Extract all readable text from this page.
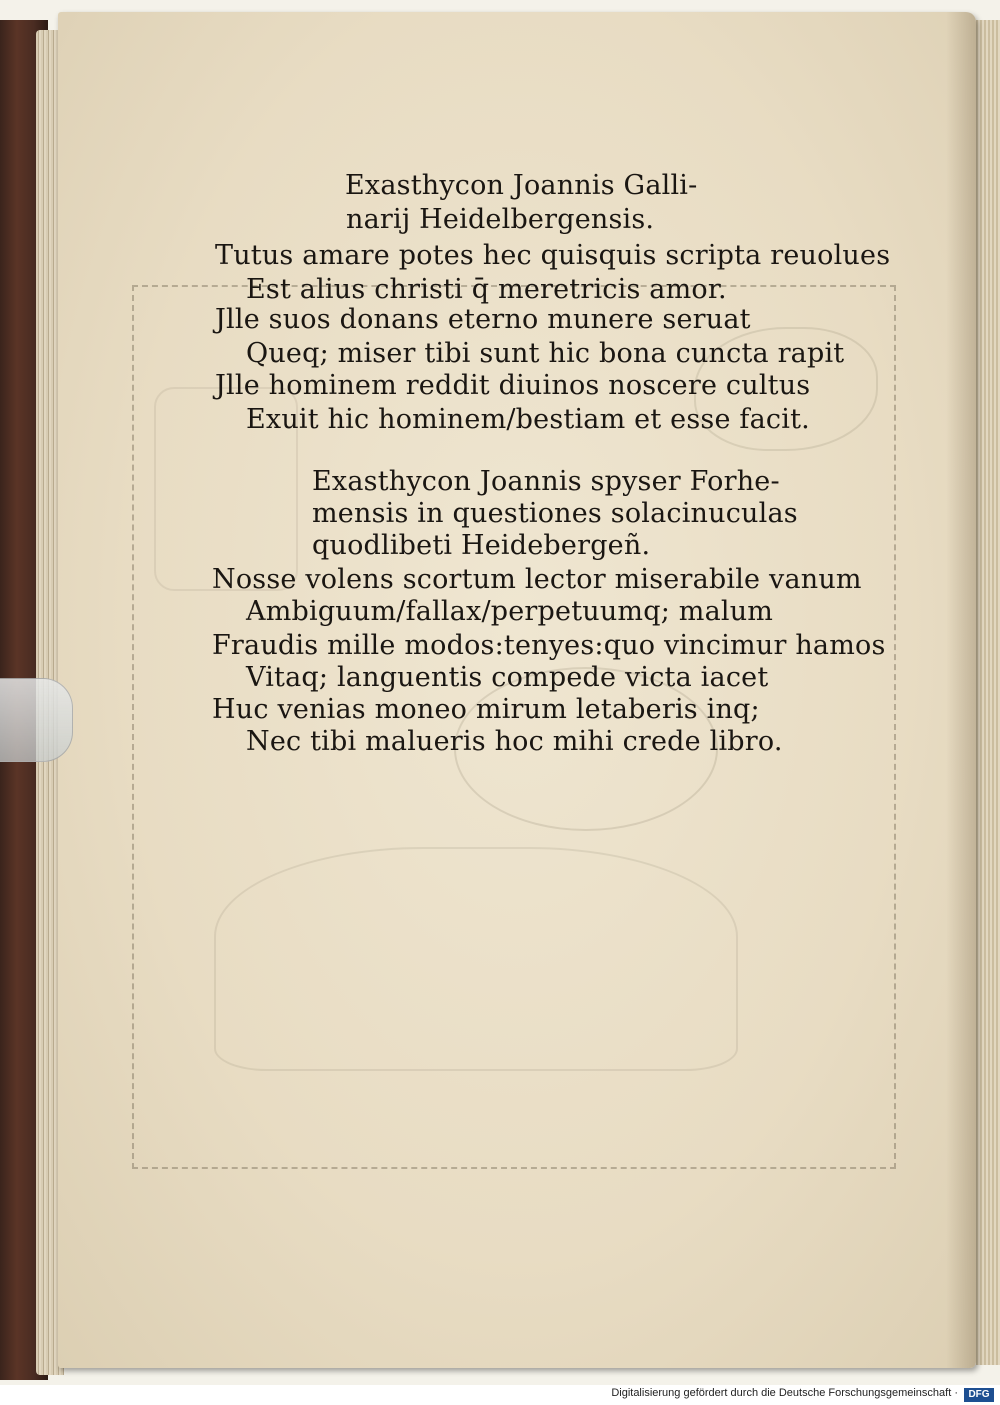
Exasthycon Joannis Galli-
narij Heidelbergensis.
Tutus amare potes hec quisquis scripta reuolues
Est alius christi q̄ meretricis amor.
Jlle suos donans eterno munere seruat
Queq; miser tibi sunt hic bona cuncta rapit
Jlle hominem reddit diuinos noscere cultus
Exuit hic hominem/bestiam et esse facit.
Exasthycon Joannis spyser Forhe-
mensis in questiones solacinuculas
quodlibeti Heidebergeñ.
Nosse volens scortum lector miserabile vanum
Ambiguum/fallax/perpetuumq; malum
Fraudis mille modos:tenyes:quo vincimur hamos
Vitaq; languentis compede victa iacet
Huc venias moneo mirum letaberis inq;
Nec tibi malueris hoc mihi crede libro.
Digitalisierung gefördert durch die Deutsche Forschungsgemeinschaft ·	DFG
